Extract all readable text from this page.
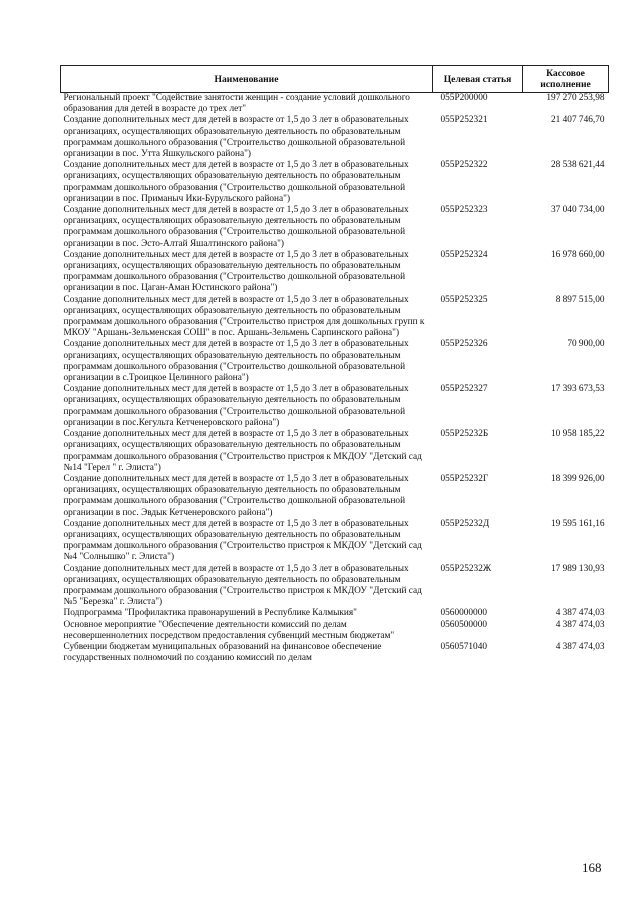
Наименование	Целевая статья	Кассовое исполнение
Региональный проект "Содействие занятости женщин - создание условий дошкольного образования для детей в возрасте до трех лет"	055P200000	197 270 253,98
Создание дополнительных мест для детей в возрасте от 1,5 до 3 лет в образовательных организациях, осуществляющих образовательную деятельность по образовательным программам дошкольного образования ("Строительство дошкольной образовательной организации в пос. Утта Яшкульского района")	055P252321	21 407 746,70
Создание дополнительных мест для детей в возрасте от 1,5 до 3 лет в образовательных организациях, осуществляющих образовательную деятельность по образовательным программам дошкольного образования ("Строительство дошкольной образовательной организации в пос. Приманыч Ики-Бурульского района")	055P252322	28 538 621,44
Создание дополнительных мест для детей в возрасте от 1,5 до 3 лет в образовательных организациях, осуществляющих образовательную деятельность по образовательным программам дошкольного образования ("Строительство дошкольной образовательной организации в пос. Эсто-Алтай Яшалтинского района")	055P252323	37 040 734,00
Создание дополнительных мест для детей в возрасте от 1,5 до 3 лет в образовательных организациях, осуществляющих образовательную деятельность по образовательным программам дошкольного образования ("Строительство дошкольной образовательной организации в пос. Цаган-Аман Юстинского района")	055P252324	16 978 660,00
Создание дополнительных мест для детей в возрасте от 1,5 до 3 лет в образовательных организациях, осуществляющих образовательную деятельность по образовательным программам дошкольного образования ("Строительство пристроя для дошкольных групп к МКОУ "Аршань-Зельменская СОШ" в пос. Аршань-Зельмень Сарпинского района")	055P252325	8 897 515,00
Создание дополнительных мест для детей в возрасте от 1,5 до 3 лет в образовательных организациях, осуществляющих образовательную деятельность по образовательным программам дошкольного образования ("Строительство дошкольной образовательной организации в с.Троицкое Целинного района")	055P252326	70 900,00
Создание дополнительных мест для детей в возрасте от 1,5 до 3 лет в образовательных организациях, осуществляющих образовательную деятельность по образовательным программам дошкольного образования ("Строительство дошкольной образовательной организации в пос.Кегульта Кетченеровского района")	055P252327	17 393 673,53
Создание дополнительных мест для детей в возрасте от 1,5 до 3 лет в образовательных организациях, осуществляющих образовательную деятельность по образовательным программам дошкольного образования ("Строительство пристроя к МКДОУ "Детский сад №14 "Герел " г. Элиста")	055P25232Б	10 958 185,22
Создание дополнительных мест для детей в возрасте от 1,5 до 3 лет в образовательных организациях, осуществляющих образовательную деятельность по образовательным программам дошкольного образования ("Строительство дошкольной образовательной организации в пос. Эвдык Кетченеровского района")	055P25232Г	18 399 926,00
Создание дополнительных мест для детей в возрасте от 1,5 до 3 лет в образовательных организациях, осуществляющих образовательную деятельность по образовательным программам дошкольного образования ("Строительство пристроя к МКДОУ "Детский сад №4 "Солнышко" г. Элиста")	055P25232Д	19 595 161,16
Создание дополнительных мест для детей в возрасте от 1,5 до 3 лет в образовательных организациях, осуществляющих образовательную деятельность по образовательным программам дошкольного образования ("Строительство пристроя к МКДОУ "Детский сад №5 "Березка" г. Элиста")	055P25232Ж	17 989 130,93
Подпрограмма "Профилактика правонарушений в Республике Калмыкия"	0560000000	4 387 474,03
Основное мероприятие "Обеспечение деятельности комиссий по делам несовершеннолетних посредством предоставления субвенций местным бюджетам"	0560500000	4 387 474,03
Субвенции бюджетам муниципальных образований на финансовое обеспечение государственных полномочий по созданию комиссий по делам	0560571040	4 387 474,03
168
